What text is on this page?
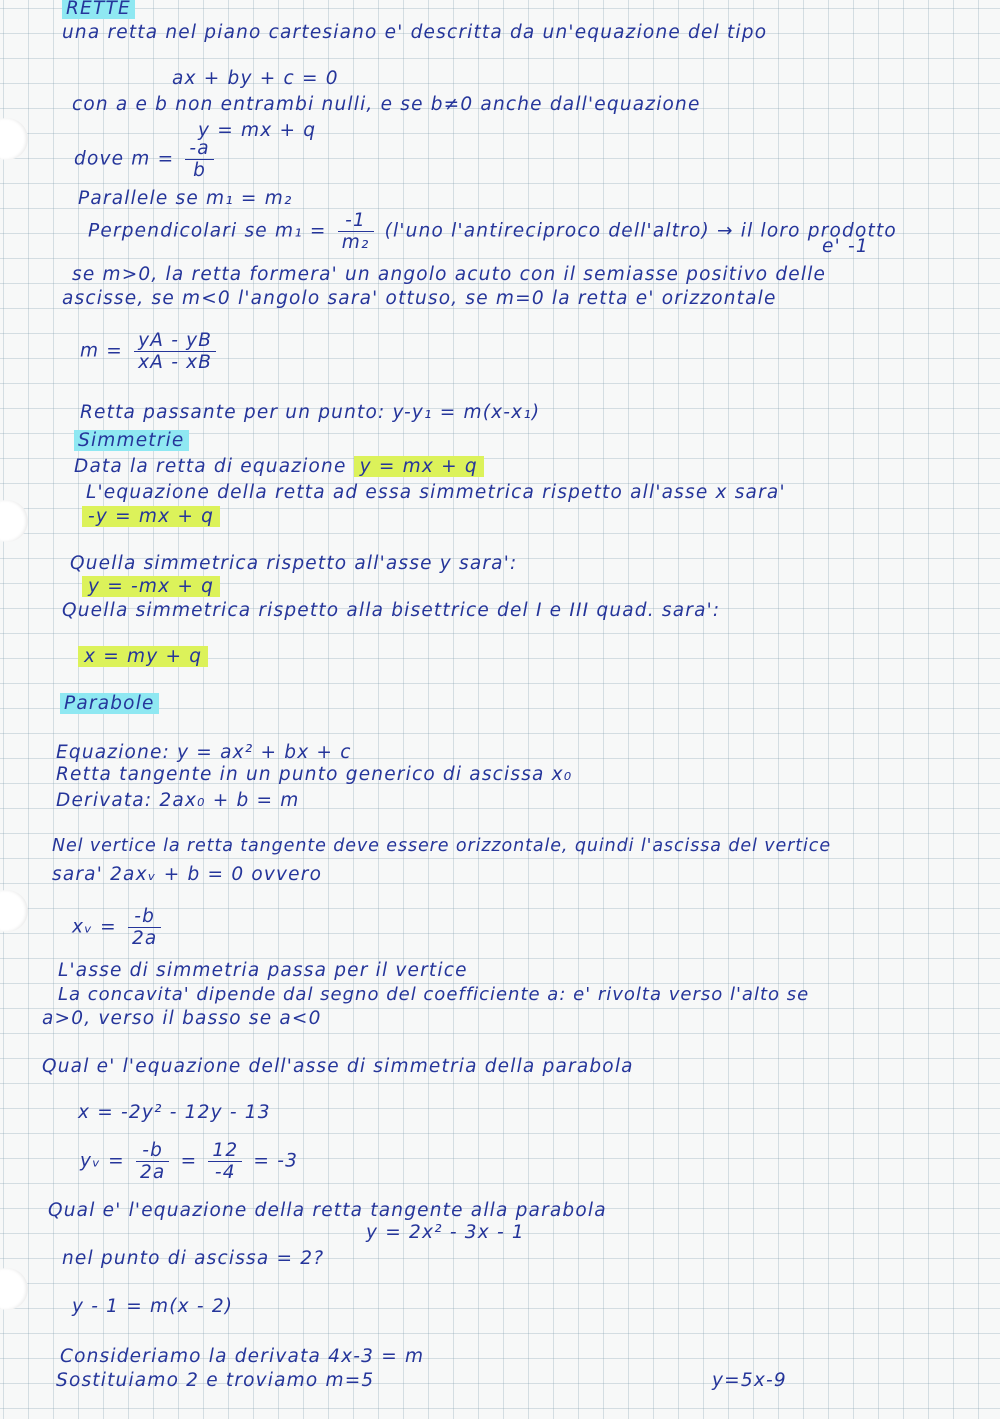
RETTE
una retta nel piano cartesiano e' descritta da un'equazione del tipo
ax + by + c = 0
con a e b non entrambi nulli, e se b≠0 anche dall'equazione
y = mx + q
dove $m = \frac{-a}{b}$
Parallele se m₁ = m₂
Perpendicolari se $m_1 = \frac{-1}{\text{m₂}} (l'uno$ l'antireciproco dell'altro) → il loro prodotto
e' -1
se m>0, la retta formera' un angolo acuto con il semiasse positivo delle
ascisse, se m<0 l'angolo sara' ottuso, se m=0 la retta e' orizzontale
$m = \frac{yA - yB}{xA - xB}$
Retta passante per un punto: y-y₁ = m(x-x₁)
Simmetrie
Data la retta di equazione y = mx + q
L'equazione della retta ad essa simmetrica rispetto all'asse x sara'
-y = mx + q
Quella simmetrica rispetto all'asse y sara':
y = -mx + q
Quella simmetrica rispetto alla bisettrice del I e III quad. sara':
x = my + q
Parabole
Equazione: y = ax² + bx + c
Retta tangente in un punto generico di ascissa x₀
Derivata: 2ax₀ + b = m
Nel vertice la retta tangente deve essere orizzontale, quindi l'ascissa del vertice
sara' 2axᵥ + b = 0 ovvero
xᵥ = $\frac{-b}{2a}$
L'asse di simmetria passa per il vertice
La concavita' dipende dal segno del coefficiente a: e' rivolta verso l'alto se
a>0, verso il basso se a<0
Qual e' l'equazione dell'asse di simmetria della parabola
x = -2y² - 12y - 13
yᵥ = $\frac{-b}{2a} = \frac{12}{-4} = -3$
Qual e' l'equazione della retta tangente alla parabola
y = 2x² - 3x - 1
nel punto di ascissa = 2?
y - 1 = m(x - 2)
Consideriamo la derivata 4x-3 = m
Sostituiamo 2 e troviamo m=5	y=5x-9
